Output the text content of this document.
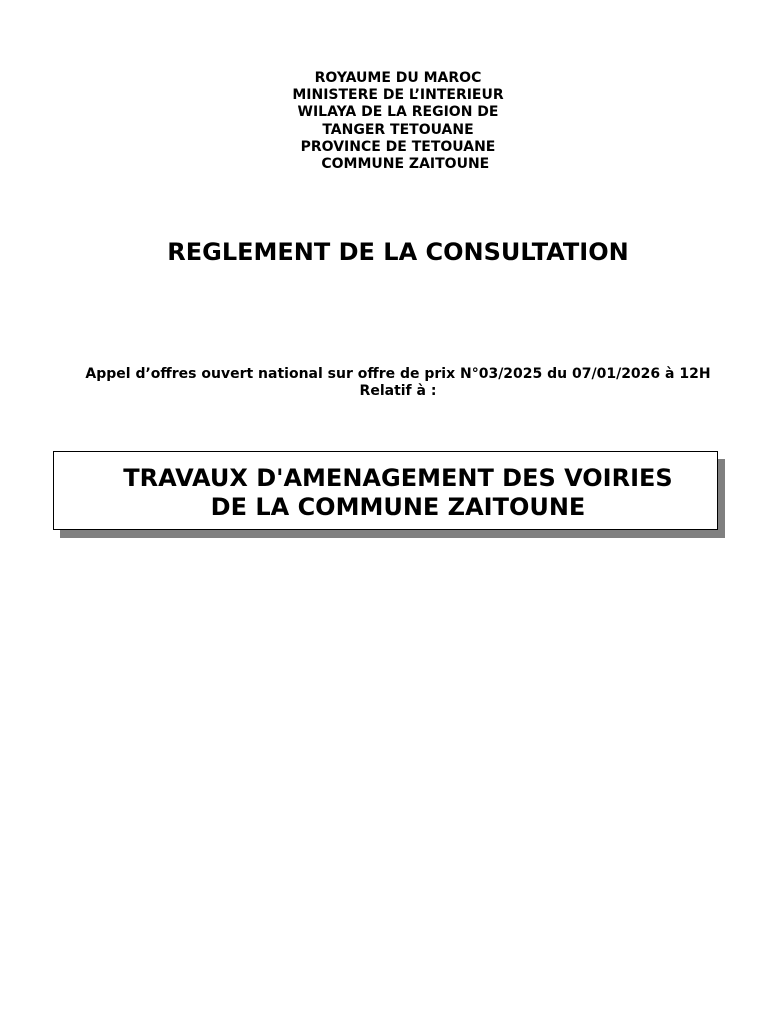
ROYAUME DU MAROC
MINISTERE DE L’INTERIEUR
WILAYA DE LA REGION DE
TANGER TETOUANE
PROVINCE DE TETOUANE
COMMUNE ZAITOUNE
REGLEMENT DE LA CONSULTATION
Appel d’offres ouvert national sur offre de prix N°03/2025 du 07/01/2026 à 12H
Relatif à :
TRAVAUX D'AMENAGEMENT DES VOIRIES
DE LA COMMUNE ZAITOUNE
